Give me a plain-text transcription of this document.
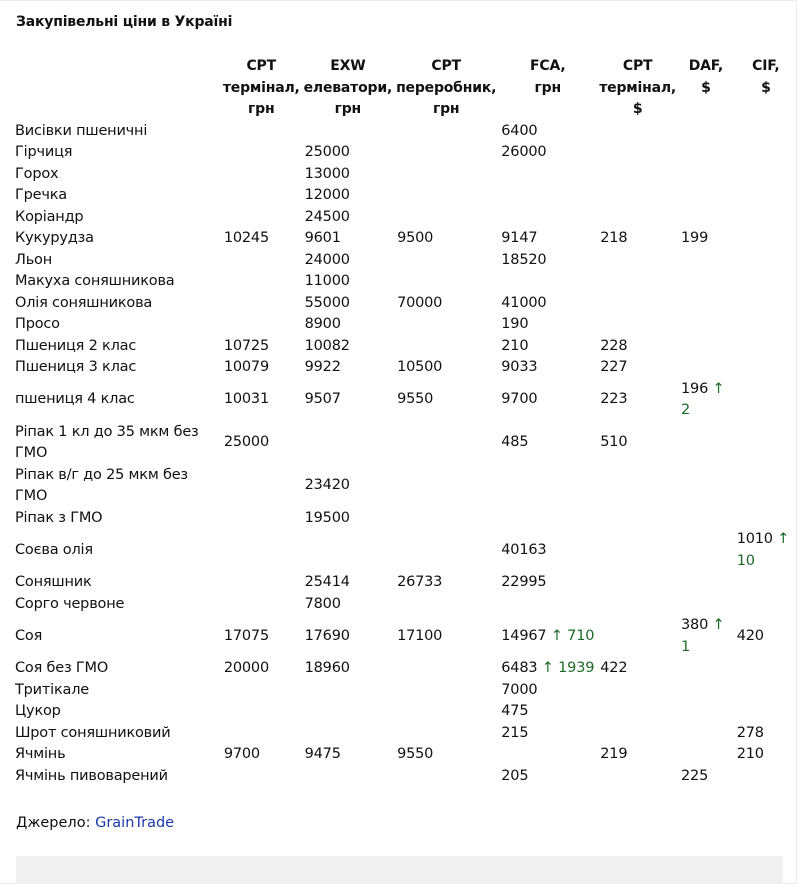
Закупівельні ціни в Україні
	CPT
термінал,
грн	EXW
елеватори,
грн	CPT
переробник,
грн	FCA,
грн	CPT
термінал,
$	DAF,
$	CIF,
$
Висівки пшеничні				6400			
Гірчиця		25000		26000			
Горох		13000					
Гречка		12000					
Коріандр		24500					
Кукурудза	10245	9601	9500	9147	218	199	
Льон		24000		18520			
Макуха соняшникова		11000					
Олія соняшникова		55000	70000	41000			
Просо		8900		190			
Пшениця 2 клас	10725	10082		210	228		
Пшениця 3 клас	10079	9922	10500	9033	227		
пшениця 4 клас	10031	9507	9550	9700	223	196 ↑ 2	
Ріпак 1 кл до 35 мкм без ГМО	25000			485	510		
Ріпак в/г до 25 мкм без ГМО		23420					
Ріпак з ГМО		19500					
Соєва олія				40163			1010 ↑ 10
Соняшник		25414	26733	22995			
Сорго червоне		7800					
Соя	17075	17690	17100	14967 ↑ 710		380 ↑ 1	420
Соя без ГМО	20000	18960		6483 ↑ 1939	422		
Тритікале				7000			
Цукор				475			
Шрот соняшниковий				215			278
Ячмінь	9700	9475	9550		219		210
Ячмінь пивоварений				205		225	
Джерело: GrainTrade
